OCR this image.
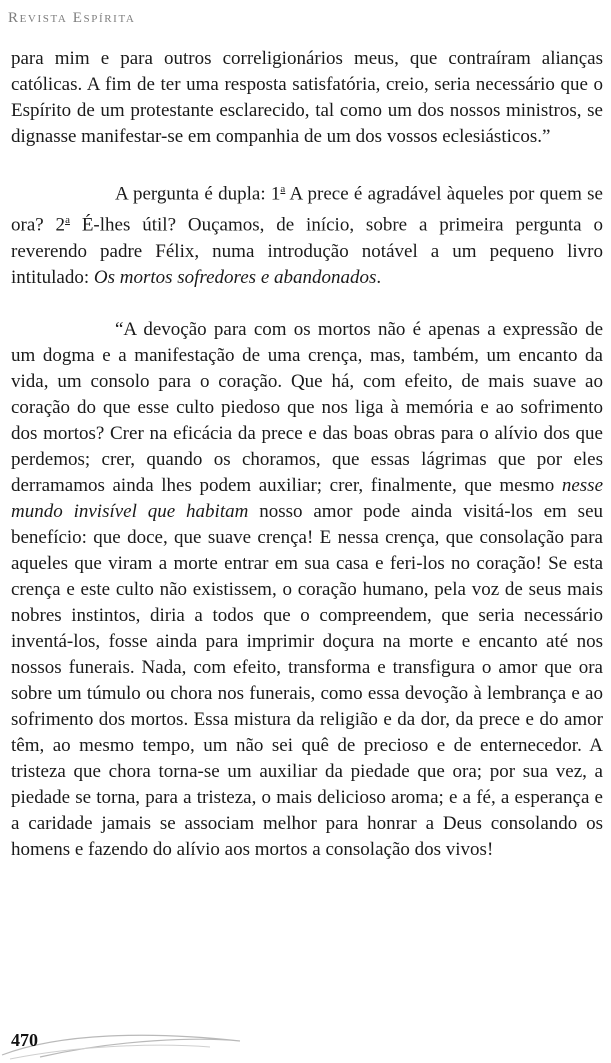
Revista Espírita

para mim e para outros correligionários meus, que contraíram alianças católicas. A fim de ter uma resposta satisfatória, creio, seria necessário que o Espírito de um protestante esclarecido, tal como um dos nossos ministros, se dignasse manifestar-se em companhia de um dos vossos eclesiásticos.”

A pergunta é dupla: 1$^a$ A prece é agradável àqueles por quem se ora? 2$^a$ É-lhes útil? Ouçamos, de início, sobre a primeira pergunta o reverendo padre Félix, numa introdução notável a um pequeno livro intitulado: Os mortos sofredores e abandonados.

“A devoção para com os mortos não é apenas a expressão de um dogma e a manifestação de uma crença, mas, também, um encanto da vida, um consolo para o coração. Que há, com efeito, de mais suave ao coração do que esse culto piedoso que nos liga à memória e ao sofrimento dos mortos? Crer na eficácia da prece e das boas obras para o alívio dos que perdemos; crer, quando os choramos, que essas lágrimas que por eles derramamos ainda lhes podem auxiliar; crer, finalmente, que mesmo nesse mundo invisível que habitam nosso amor pode ainda visitá-los em seu benefício: que doce, que suave crença! E nessa crença, que consolação para aqueles que viram a morte entrar em sua casa e feri-los no coração! Se esta crença e este culto não existissem, o coração humano, pela voz de seus mais nobres instintos, diria a todos que o compreendem, que seria necessário inventá-los, fosse ainda para imprimir doçura na morte e encanto até nos nossos funerais. Nada, com efeito, transforma e transfigura o amor que ora sobre um túmulo ou chora nos funerais, como essa devoção à lembrança e ao sofrimento dos mortos. Essa mistura da religião e da dor, da prece e do amor têm, ao mesmo tempo, um não sei quê de precioso e de enternecedor. A tristeza que chora torna-se um auxiliar da piedade que ora; por sua vez, a piedade se torna, para a tristeza, o mais delicioso aroma; e a fé, a esperança e a caridade jamais se associam melhor para honrar a Deus consolando os homens e fazendo do alívio aos mortos a consolação dos vivos!

470
